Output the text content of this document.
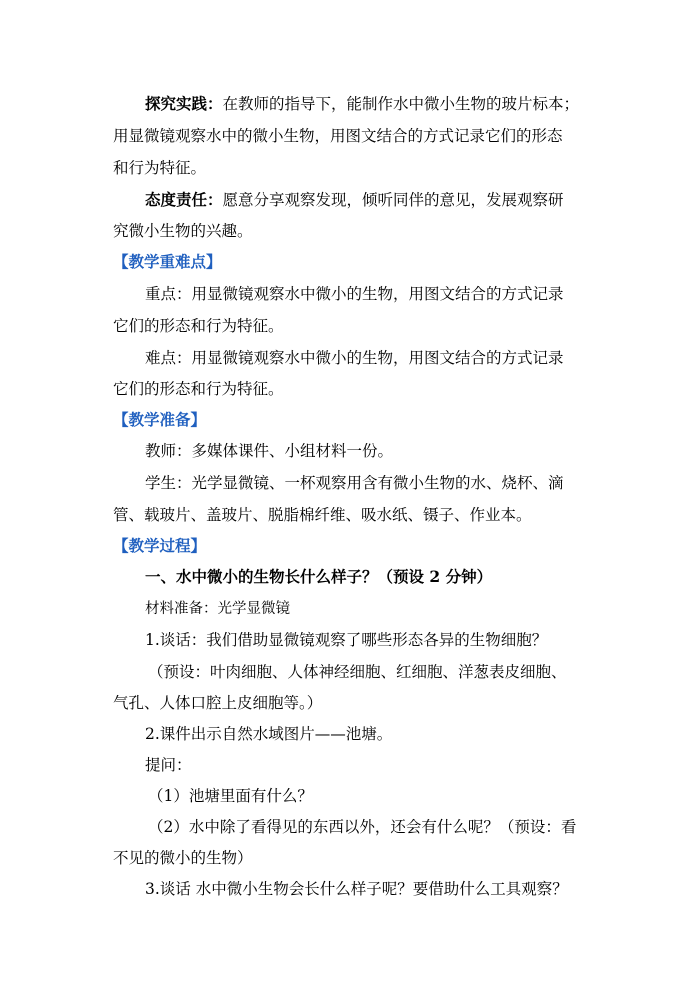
探究实践：在教师的指导下，能制作水中微小生物的玻片标本；
用显微镜观察水中的微小生物，用图文结合的方式记录它们的形态
和行为特征。
态度责任：愿意分享观察发现，倾听同伴的意见，发展观察研
究微小生物的兴趣。
【教学重难点】
重点：用显微镜观察水中微小的生物，用图文结合的方式记录
它们的形态和行为特征。
难点：用显微镜观察水中微小的生物，用图文结合的方式记录
它们的形态和行为特征。
【教学准备】
教师：多媒体课件、小组材料一份。
学生：光学显微镜、一杯观察用含有微小生物的水、烧杯、滴
管、载玻片、盖玻片、脱脂棉纤维、吸水纸、镊子、作业本。
【教学过程】
一、水中微小的生物长什么样子？（预设 2 分钟）
材料准备：光学显微镜
1.谈话：我们借助显微镜观察了哪些形态各异的生物细胞？
（预设：叶肉细胞、人体神经细胞、红细胞、洋葱表皮细胞、
气孔、人体口腔上皮细胞等。）
2.课件出示自然水域图片——池塘。
提问：
（1）池塘里面有什么？
（2）水中除了看得见的东西以外，还会有什么呢？（预设：看
不见的微小的生物）
3.谈话 水中微小生物会长什么样子呢？要借助什么工具观察？
